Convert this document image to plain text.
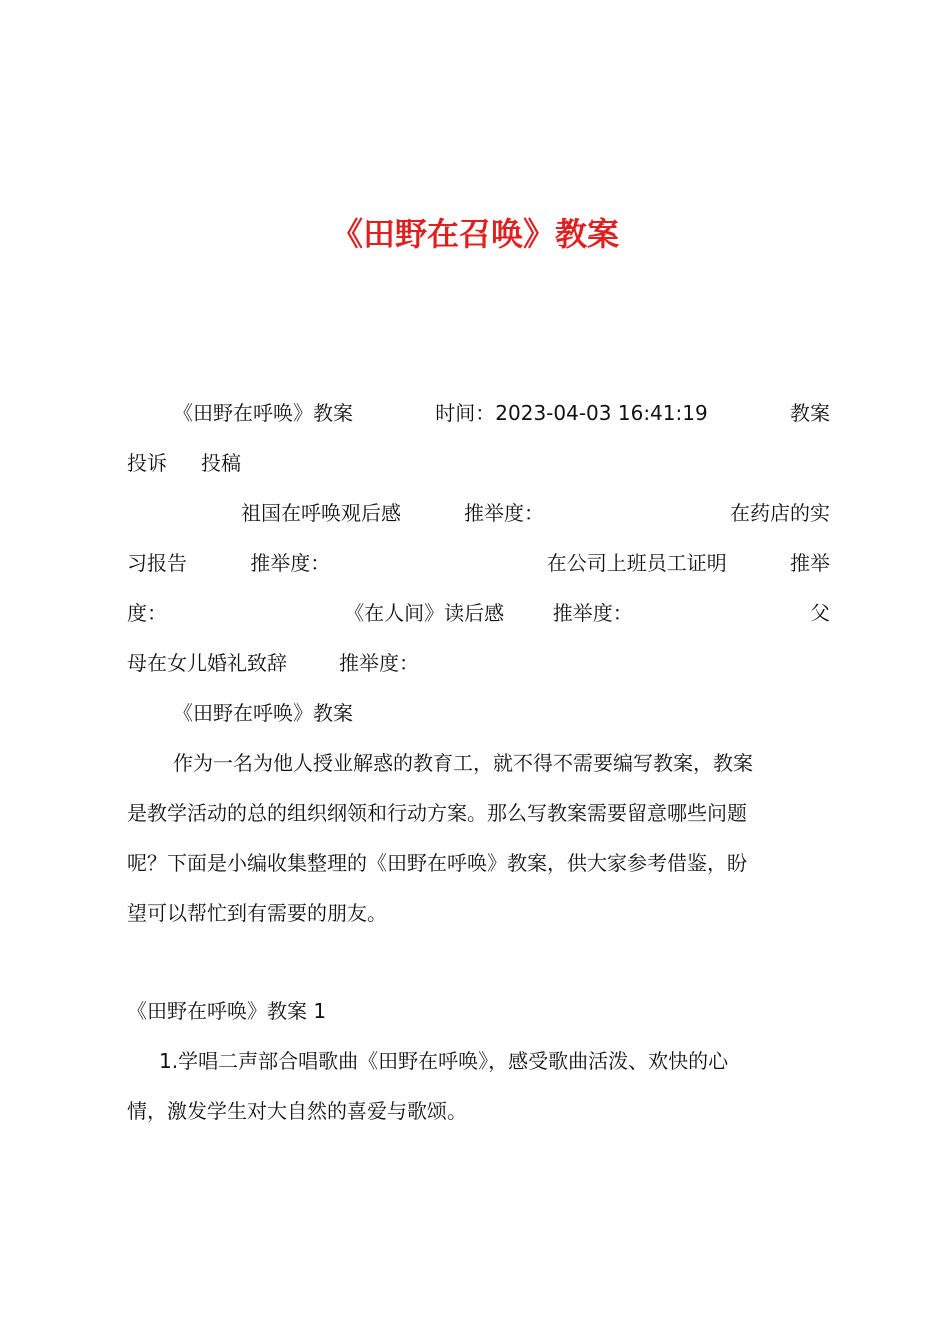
《田野在召唤》教案
《田野在呼唤》教案	时间：2023-04-03 16:41:19	教案
投诉 投稿
祖国在呼唤观后感	推举度：	在药店的实
习报告	推举度：	在公司上班员工证明	推举
度：	《在人间》读后感 推举度：	父
母在女儿婚礼致辞	推举度：
《田野在呼唤》教案
作为一名为他人授业解惑的教育工，就不得不需要编写教案，教案
是教学活动的总的组织纲领和行动方案。那么写教案需要留意哪些问题
呢？下面是小编收集整理的《田野在呼唤》教案，供大家参考借鉴，盼
望可以帮忙到有需要的朋友。
《田野在呼唤》教案 1
1.学唱二声部合唱歌曲《田野在呼唤》，感受歌曲活泼、欢快的心
情，激发学生对大自然的喜爱与歌颂。
